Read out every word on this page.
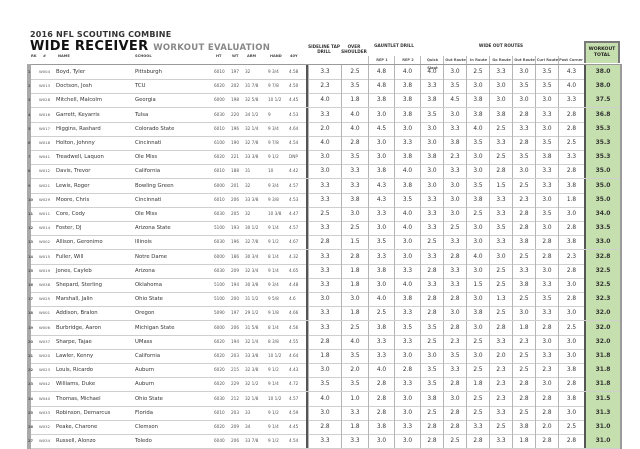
2016 NFL SCOUTING COMBINE
WIDE RECEIVER WORKOUT EVALUATION
RK #	NAME	SCHOOL	HT	WT ARM	HAND 40Y
SIDELINE TAP DRILL
OVER SHOULDER
GAUNTLET DRILL
REP 1	REP 2
WIDE OUT ROUTES
Quick Slant
Out Route	In Route	Go Route Out Route Curl Route Post Corner
WORKOUT TOTAL
1	W004 Boyd, Tyler	Pittsburgh	6010 197 32	9 3/4 4.58	3.3	2.5	4.8	4.0	4.0	3.0	2.5	3.3	3.0	3.5	4.3	38.0
2	W013 Doctson, Josh	TCU	6020 202 31 7/8 9 7/8 4.50	2.3	3.5	4.8	3.8	3.3	3.5	3.0	3.0	3.5	3.5	4.0	38.0
3	W028 Mitchell, Malcolm	Georgia	6000 198 32 5/8 10 1/2 4.45	4.0	1.8	3.8	3.8	3.8	4.5	3.8	3.0	3.0	3.0	3.3	37.5
4	W016 Garrett, Keyarris	Tulsa	6030 220 34 1/2 9	4.53	3.3	4.0	3.0	3.8	3.5	3.0	3.8	3.8	2.8	3.3	2.8	36.8
5	W017 Higgins, Rashard	Colorado State	6010 196 32 1/4 9 3/4 4.64	2.0	4.0	4.5	3.0	3.0	3.3	4.0	2.5	3.3	3.0	2.8	35.3
6	W018 Holton, Johnny	Cincinnati	6100 190 32 7/8 9 7/8 4.54	4.0	2.8	3.0	3.3	3.0	3.8	3.5	3.3	2.8	3.5	2.5	35.3
7	W041 Treadwell, Laquon	Ole Miss	6020 221 33 3/8 9 1/2 DNP	3.0	3.5	3.0	3.8	3.8	2.3	3.0	2.5	3.5	3.8	3.3	35.3
8	W012 Davis, Trevor	California	6010 188 31	10	4.42	3.0	3.3	3.8	4.0	3.0	3.3	3.0	2.8	3.0	3.3	2.8	35.0
9	W021 Lewis, Roger	Bowling Green	6000 201 32	9 3/4 4.57	3.3	3.3	4.3	3.8	3.0	3.0	3.5	1.5	2.5	3.3	3.8	35.0
10 W029 Moore, Chris	Cincinnati	6010 206 33 3/8 9 3/8 4.53	3.3	3.8	4.3	3.5	3.3	3.0	3.8	3.3	2.3	3.0	1.8	35.0
11 W011 Core, Cody	Ole Miss	6030 205 32	10 3/8 4.47	2.5	3.0	3.3	4.0	3.3	3.0	2.5	3.3	2.8	3.5	3.0	34.0
12 W014 Foster, DJ	Arizona State	5100 193 30 1/2 9 1/4 4.57	3.3	2.5	3.0	4.0	3.3	2.5	3.0	3.5	2.8	3.0	2.8	33.5
13 W002 Allison, Geronimo	Illinois	6030 196 32 7/8 9 1/2 4.67	2.8	1.5	3.5	3.0	2.5	3.3	3.0	3.3	3.8	2.8	3.8	33.0
14 W015 Fuller, Will	Notre Dame	6000 186 30 3/4 8 1/4 4.32	3.3	2.8	3.3	3.0	3.3	2.8	4.0	3.0	2.5	2.8	2.3	32.8
15 W019 Jones, Cayleb	Arizona	6030 209 32 3/4 9 1/4 4.65	3.3	1.8	3.8	3.3	2.8	3.3	3.0	2.5	3.3	3.0	2.8	32.5
16 W038 Shepard, Sterling	Oklahoma	5100 194 30 3/8 9 3/4 4.48	3.3	1.8	3.0	4.0	3.3	3.3	1.5	2.5	3.8	3.3	3.0	32.5
17 W025 Marshall, Jalin	Ohio State	5100 200 31 1/2 9 5/8 4.6	3.0	3.0	4.0	3.8	2.8	2.8	3.0	1.3	2.5	3.5	2.8	32.3
18 W001 Addison, Bralon	Oregon	5090 197 29 1/2 9 1/8 4.66	3.3	1.8	2.5	3.3	2.8	3.0	3.8	2.5	3.0	3.3	3.0	32.0
19 W006 Burbridge, Aaron	Michigan State	6000 206 31 5/8 8 1/4 4.56	3.3	2.5	3.8	3.5	3.5	2.8	3.0	2.8	1.8	2.8	2.5	32.0
20 W037 Sharpe, Tajae	UMass	6020 194 32 1/4 8 3/8 4.55	2.8	4.0	3.3	3.3	2.5	2.3	2.5	3.3	2.3	3.0	3.0	32.0
21 W020 Lawler, Kenny	California	6020 203 33 3/8 10 1/2 4.64	1.8	3.5	3.3	3.0	3.0	3.5	3.0	2.0	2.5	3.3	3.0	31.8
22 W023 Louis, Ricardo	Auburn	6020 215 32 3/8 9 1/2 4.43	3.0	2.0	4.0	2.8	3.5	3.3	2.5	2.3	2.5	2.3	3.8	31.8
23 W042 Williams, Duke	Auburn	6020 229 32 1/2 9 1/4 4.72	3.5	3.5	2.8	3.3	3.5	2.8	1.8	2.3	2.8	3.0	2.8	31.8
24 W040 Thomas, Michael	Ohio State	6030 212 32 1/8 10 1/2 4.57	4.0	1.0	2.8	3.0	3.8	3.0	2.5	2.3	2.8	2.8	3.8	31.5
25 W033 Robinson, Demarcus	Florida	6010 203 33	9 1/2 4.59	3.0	3.3	2.8	3.0	2.5	2.8	2.5	3.3	2.5	2.8	3.0	31.3
26 W032 Peake, Charone	Clemson	6020 209 34	9 1/4 4.45	2.8	1.8	3.8	3.3	2.8	2.8	3.3	2.5	3.8	2.0	2.5	31.0
27 W034 Russell, Alonzo	Toledo	6040 206 33 7/8 9 1/2 4.54	3.3	3.3	3.0	3.0	2.8	2.5	2.8	3.3	1.8	2.8	2.8	31.0
